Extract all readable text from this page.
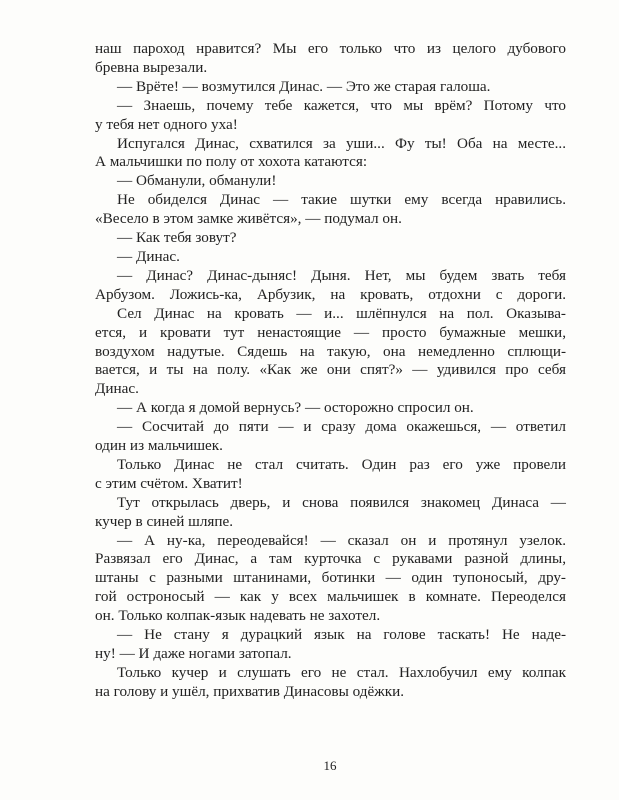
наш пароход нравится? Мы его только что из целого дубового
бревна вырезали.
— Врёте! — возмутился Динас. — Это же старая галоша.
— Знаешь, почему тебе кажется, что мы врём? Потому что
у тебя нет одного уха!
Испугался Динас, схватился за уши... Фу ты! Оба на месте...
А мальчишки по полу от хохота катаются:
— Обманули, обманули!
Не обиделся Динас — такие шутки ему всегда нравились.
«Весело в этом замке живётся», — подумал он.
— Как тебя зовут?
— Динас.
— Динас? Динас-дыняс! Дыня. Нет, мы будем звать тебя
Арбузом. Ложись-ка, Арбузик, на кровать, отдохни с дороги.
Сел Динас на кровать — и... шлёпнулся на пол. Оказыва-
ется, и кровати тут ненастоящие — просто бумажные мешки,
воздухом надутые. Сядешь на такую, она немедленно сплющи-
вается, и ты на полу. «Как же они спят?» — удивился про себя
Динас.
— А когда я домой вернусь? — осторожно спросил он.
— Сосчитай до пяти — и сразу дома окажешься, — ответил
один из мальчишек.
Только Динас не стал считать. Один раз его уже провели
с этим счётом. Хватит!
Тут открылась дверь, и снова появился знакомец Динаса —
кучер в синей шляпе.
— А ну-ка, переодевайся! — сказал он и протянул узелок.
Развязал его Динас, а там курточка с рукавами разной длины,
штаны с разными штанинами, ботинки — один тупоносый, дру-
гой остроносый — как у всех мальчишек в комнате. Переоделся
он. Только колпак-язык надевать не захотел.
— Не стану я дурацкий язык на голове таскать! Не наде-
ну! — И даже ногами затопал.
Только кучер и слушать его не стал. Нахлобучил ему колпак
на голову и ушёл, прихватив Динасовы одёжки.
16
